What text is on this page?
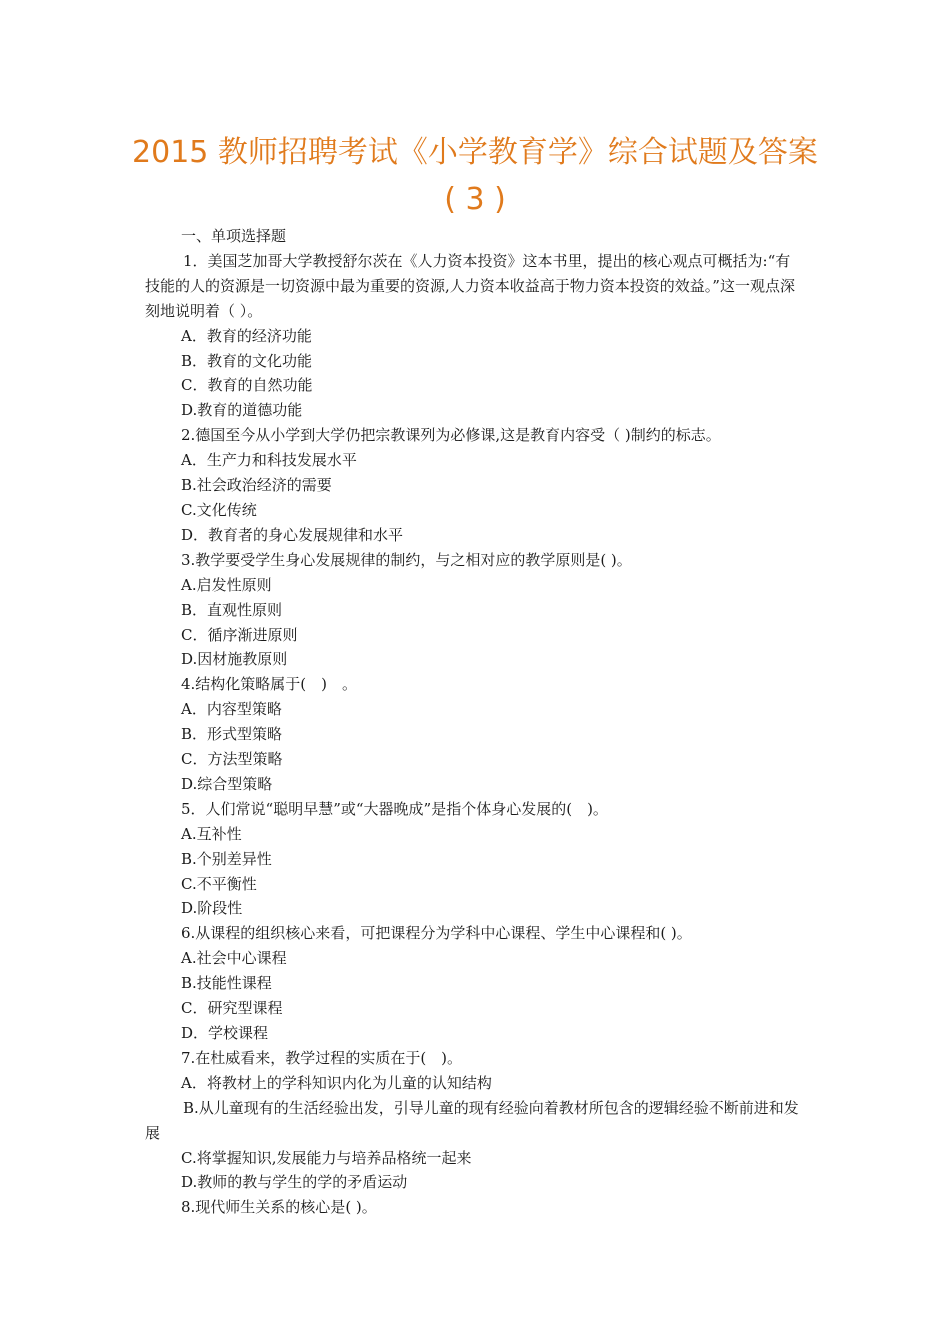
2015 教师招聘考试《小学教育学》综合试题及答案
( 3 )
一、单项选择题
1．美国芝加哥大学教授舒尔茨在《人力资本投资》这本书里，提出的核心观点可概括为:“有技能的人的资源是一切资源中最为重要的资源,人力资本收益高于物力资本投资的效益。”这一观点深刻地说明着（ ）。
A．教育的经济功能
B．教育的文化功能
C．教育的自然功能
D.教育的道德功能
2.德国至今从小学到大学仍把宗教课列为必修课,这是教育内容受（ )制约的标志。
A．生产力和科技发展水平
B.社会政治经济的需要
C.文化传统
D．教育者的身心发展规律和水平
3.教学要受学生身心发展规律的制约，与之相对应的教学原则是( )。
A.启发性原则
B．直观性原则
C．循序渐进原则
D.因材施教原则
4.结构化策略属于(　)　。
A．内容型策略
B．形式型策略
C．方法型策略
D.综合型策略
5．人们常说“聪明早慧”或“大器晚成”是指个体身心发展的(　)。
A.互补性
B.个别差异性
C.不平衡性
D.阶段性
6.从课程的组织核心来看，可把课程分为学科中心课程、学生中心课程和( )。
A.社会中心课程
B.技能性课程
C．研究型课程
D．学校课程
7.在杜威看来，教学过程的实质在于(　)。
A．将教材上的学科知识内化为儿童的认知结构
B.从儿童现有的生活经验出发，引导儿童的现有经验向着教材所包含的逻辑经验不断前进和发展
C.将掌握知识,发展能力与培养品格统一起来
D.教师的教与学生的学的矛盾运动
8.现代师生关系的核心是( )。
